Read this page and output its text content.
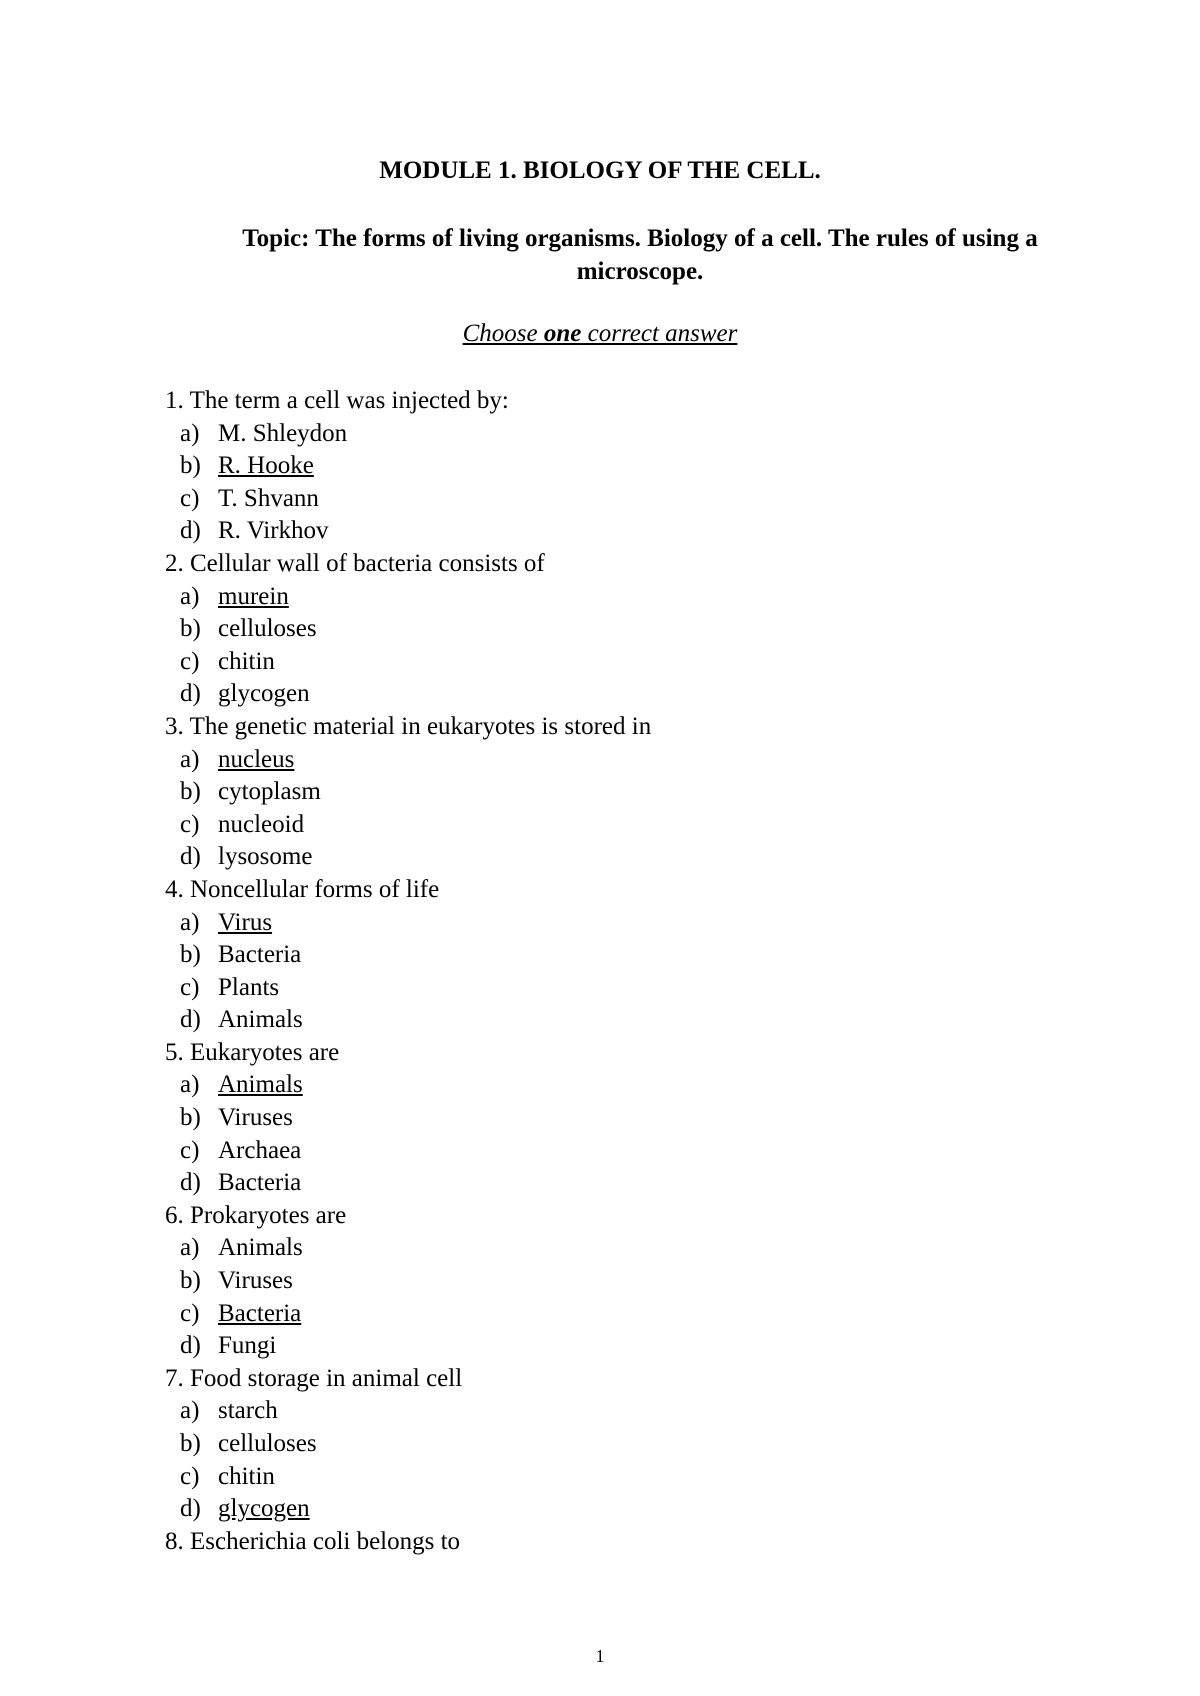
MODULE 1. BIOLOGY OF THE CELL.
Topic: The forms of living organisms. Biology of a cell. The rules of using a microscope.
Choose one correct answer
1. The term a cell was injected by:
a) M. Shleydon
b) R. Hooke
c) T. Shvann
d) R. Virkhov
2. Cellular wall of bacteria consists of
a) murein
b) celluloses
c) chitin
d) glycogen
3. The genetic material in eukaryotes is stored in
a) nucleus
b) cytoplasm
c) nucleoid
d) lysosome
4. Noncellular forms of life
a) Virus
b) Bacteria
c) Plants
d) Animals
5. Eukaryotes are
a) Animals
b) Viruses
c) Archaea
d) Bacteria
6. Prokaryotes are
a) Animals
b) Viruses
c) Bacteria
d) Fungi
7. Food storage in animal cell
a) starch
b) celluloses
c) chitin
d) glycogen
8. Escherichia coli belongs to
1
